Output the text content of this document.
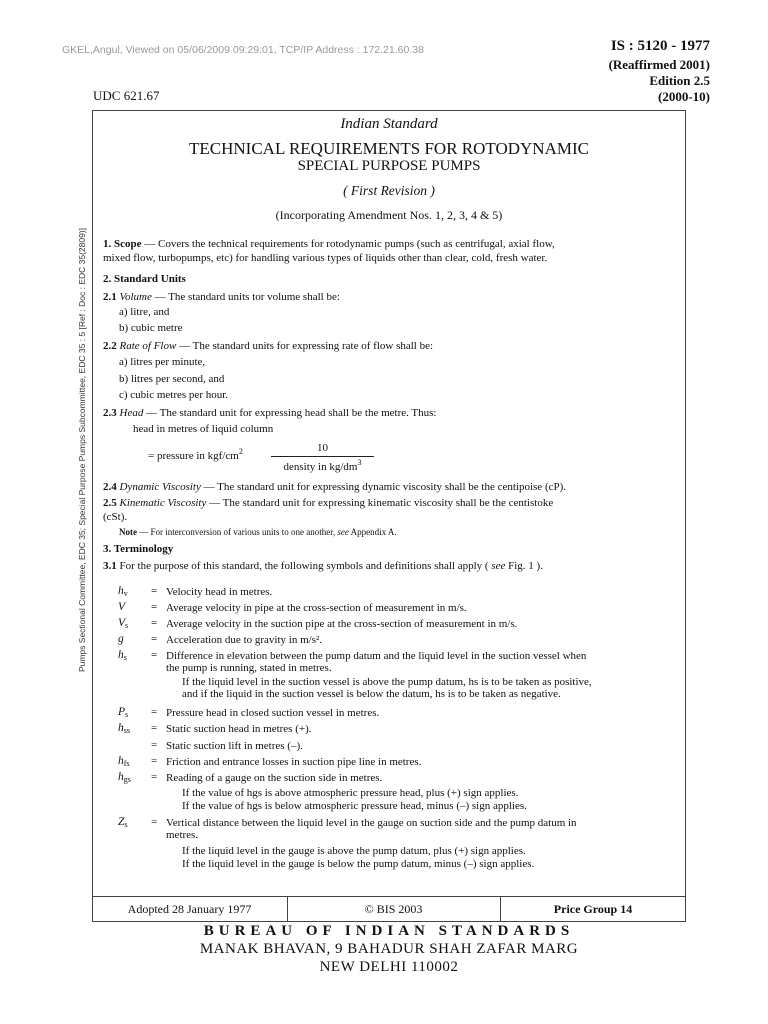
GKEL,Angul, Viewed on 05/06/2009 09:29:01, TCP/IP Address : 172.21.60.38	IS : 5120 - 1977
(Reaffirmed 2001)
Edition 2.5
(2000-10)
UDC 621.67
Pumps Sectional Committee, EDC 35; Special Purpose Pumps Subcommittee, EDC 35 : 5 [Ref : Doc : EDC 35(2809)]
Indian Standard
TECHNICAL REQUIREMENTS FOR ROTODYNAMIC
SPECIAL PURPOSE PUMPS
( First Revision )
(Incorporating Amendment Nos. 1, 2, 3, 4 & 5)
1. Scope — Covers the technical requirements for rotodynamic pumps (such as centrifugal, axial flow,
mixed flow, turbopumps, etc) for handling various types of liquids other than clear, cold, fresh water.
2. Standard Units
2.1 Volume — The standard units tor volume shall be:
a) litre, and
b) cubic metre
2.2 Rate of Flow — The standard units for expressing rate of flow shall be:
a) litres per minute,
b) litres per second, and
c) cubic metres per hour.
2.3 Head — The standard unit for expressing head shall be the metre. Thus:
head in metres of liquid column
= pressure in kgf/$cm^2$	10
density in $kg/dm^3$
2.4 Dynamic Viscosity — The standard unit for expressing dynamic viscosity shall be the centipoise (cP).
2.5 Kinematic Viscosity — The standard unit for expressing kinematic viscosity shall be the centistoke
(cSt).
Note — For interconversion of various units to one another, see Appendix A.
3. Terminology
3.1 For the purpose of this standard, the following symbols and definitions shall apply ( see Fig. 1 ).
$h_v$ = Velocity head in metres.
V = Average velocity in pipe at the cross-section of measurement in m/s.
$V_s$ = Average velocity in the suction pipe at the cross-section of measurement in m/s.
g = Acceleration due to gravity in m/s².
$h_s$ = Difference in elevation between the pump datum and the liquid level in the suction vessel when
the pump is running, stated in metres.
If the liquid level in the suction vessel is above the pump datum, hs is to be taken as positive,
and if the liquid in the suction vessel is below the datum, hs is to be taken as negative.
$P_s$ = Pressure head in closed suction vessel in metres.
$h_{ss}$ = Static suction head in metres (+).
= Static suction lift in metres (–).
$h_{fs}$ = Friction and entrance losses in suction pipe line in metres.
$h_{gs}$ = Reading of a gauge on the suction side in metres.
If the value of hgs is above atmospheric pressure head, plus (+) sign applies.
If the value of hgs is below atmospheric pressure head, minus (–) sign applies.
$Z_s$ = Vertical distance between the liquid level in the gauge on suction side and the pump datum in
metres.
If the liquid level in the gauge is above the pump datum, plus (+) sign applies.
If the liquid level in the gauge is below the pump datum, minus (–) sign applies.
Adopted 28 January 1977	© BIS 2003	Price Group 14
BUREAU OF INDIAN STANDARDS
MANAK BHAVAN, 9 BAHADUR SHAH ZAFAR MARG
NEW DELHI 110002
